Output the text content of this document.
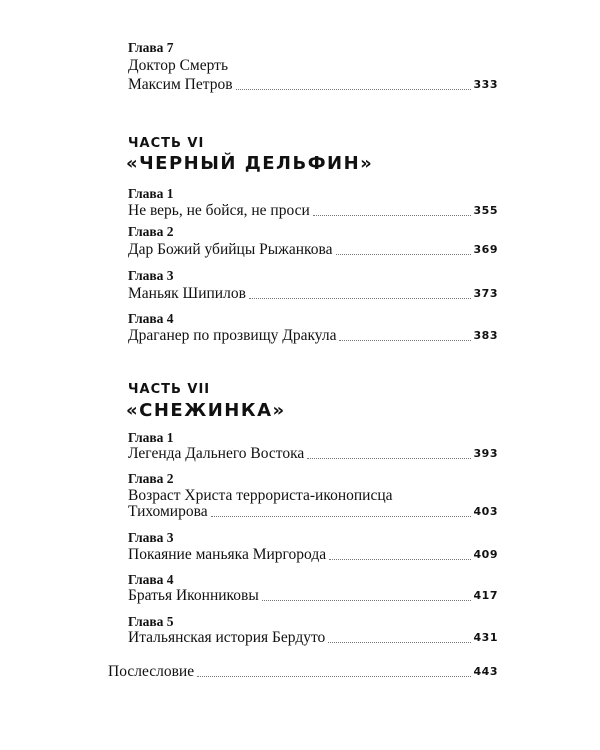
Глава 7
Доктор Смерть
Максим Петров	333
ЧАСТЬ VI
«ЧЕРНЫЙ ДЕЛЬФИН»
Глава 1
Не верь, не бойся, не проси	355
Глава 2
Дар Божий убийцы Рыжанкова	369
Глава 3
Маньяк Шипилов	373
Глава 4
Драганер по прозвищу Дракула	383
ЧАСТЬ VII
«СНЕЖИНКА»
Глава 1
Легенда Дальнего Востока	393
Глава 2
Возраст Христа террориста-иконописца
Тихомирова	403
Глава 3
Покаяние маньяка Миргорода	409
Глава 4
Братья Иконниковы	417
Глава 5
Итальянская история Бердуто	431
Послесловие	443
